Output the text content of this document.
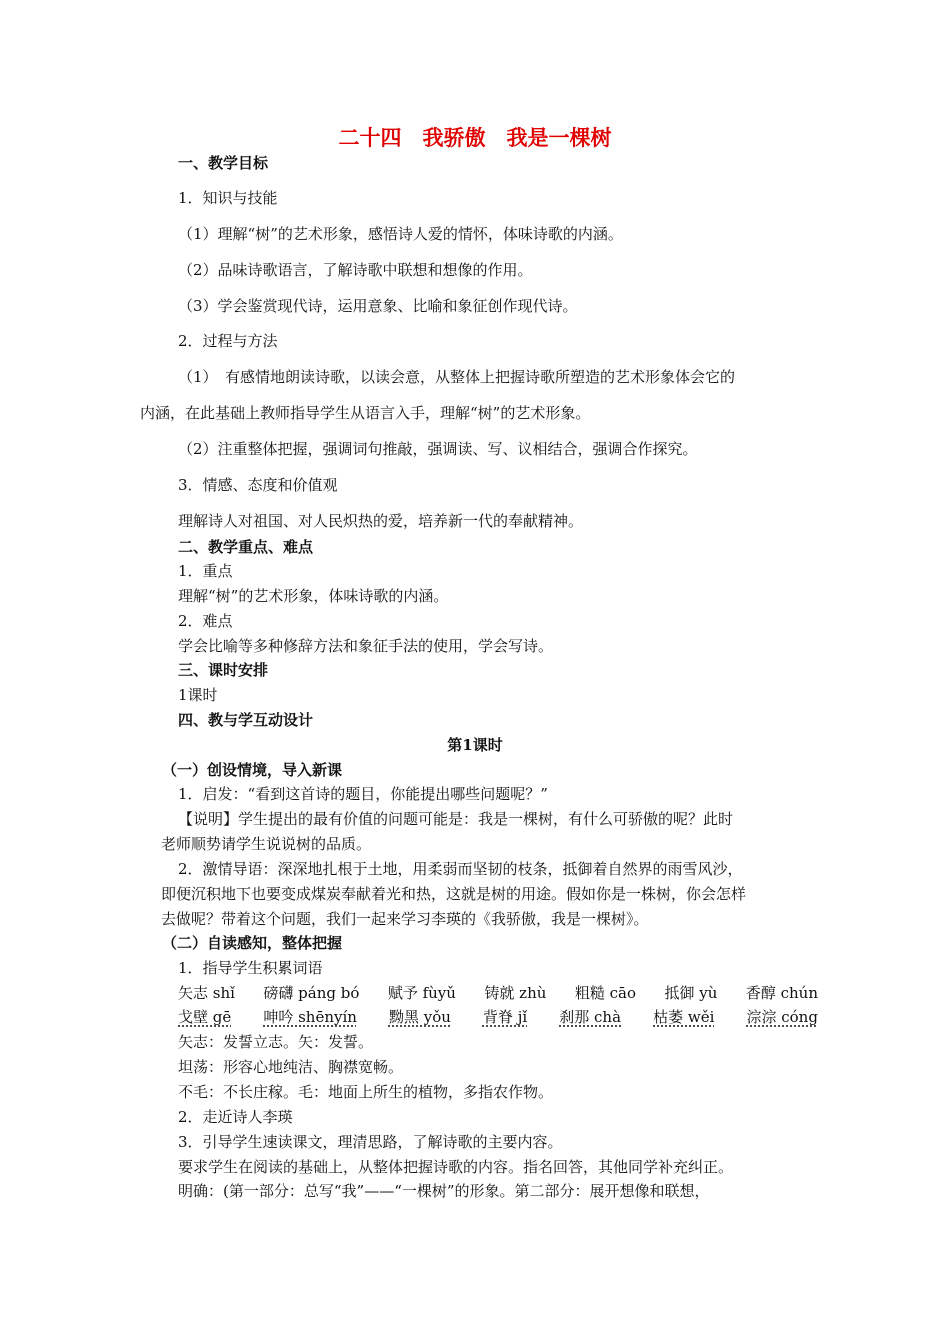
二十四　我骄傲　我是一棵树
一、教学目标
1．知识与技能
（1）理解“树”的艺术形象，感悟诗人爱的情怀，体味诗歌的内涵。
（2）品味诗歌语言，了解诗歌中联想和想像的作用。
（3）学会鉴赏现代诗，运用意象、比喻和象征创作现代诗。
2．过程与方法
（1）　有感情地朗读诗歌，以读会意，从整体上把握诗歌所塑造的艺术形象体会它的
内涵，在此基础上教师指导学生从语言入手，理解“树”的艺术形象。
（2）注重整体把握，强调词句推敲，强调读、写、议相结合，强调合作探究。
3．情感、态度和价值观
理解诗人对祖国、对人民炽热的爱，培养新一代的奉献精神。
二、教学重点、难点
1．重点
理解“树”的艺术形象，体味诗歌的内涵。
2．难点
学会比喻等多种修辞方法和象征手法的使用，学会写诗。
三、课时安排
1课时
四、教与学互动设计
第1课时
（一）创设情境，导入新课
1．启发：“看到这首诗的题目，你能提出哪些问题呢？”
【说明】学生提出的最有价值的问题可能是：我是一棵树，有什么可骄傲的呢？此时
老师顺势请学生说说树的品质。
2．激情导语：深深地扎根于土地，用柔弱而坚韧的枝条，抵御着自然界的雨雪风沙，
即便沉积地下也要变成煤炭奉献着光和热，这就是树的用途。假如你是一株树，你会怎样
去做呢？带着这个问题，我们一起来学习李瑛的《我骄傲，我是一棵树》。
（二）自读感知，整体把握
1．指导学生积累词语
矢志 shǐ 磅礴 páng bó 赋予 fùyǔ 铸就 zhù 粗糙 cāo 抵御 yù 香醇 chún
戈壁 gē 呻吟 shēnyín 黝黑 yǒu 背脊 jǐ 刹那 chà 枯萎 wěi 淙淙 cóng
矢志：发誓立志。矢：发誓。
坦荡：形容心地纯洁、胸襟宽畅。
不毛：不长庄稼。毛：地面上所生的植物，多指农作物。
2．走近诗人李瑛
3．引导学生速读课文，理清思路，了解诗歌的主要内容。
要求学生在阅读的基础上，从整体把握诗歌的内容。指名回答，其他同学补充纠正。
明确：(第一部分：总写“我”——“一棵树”的形象。第二部分：展开想像和联想，
